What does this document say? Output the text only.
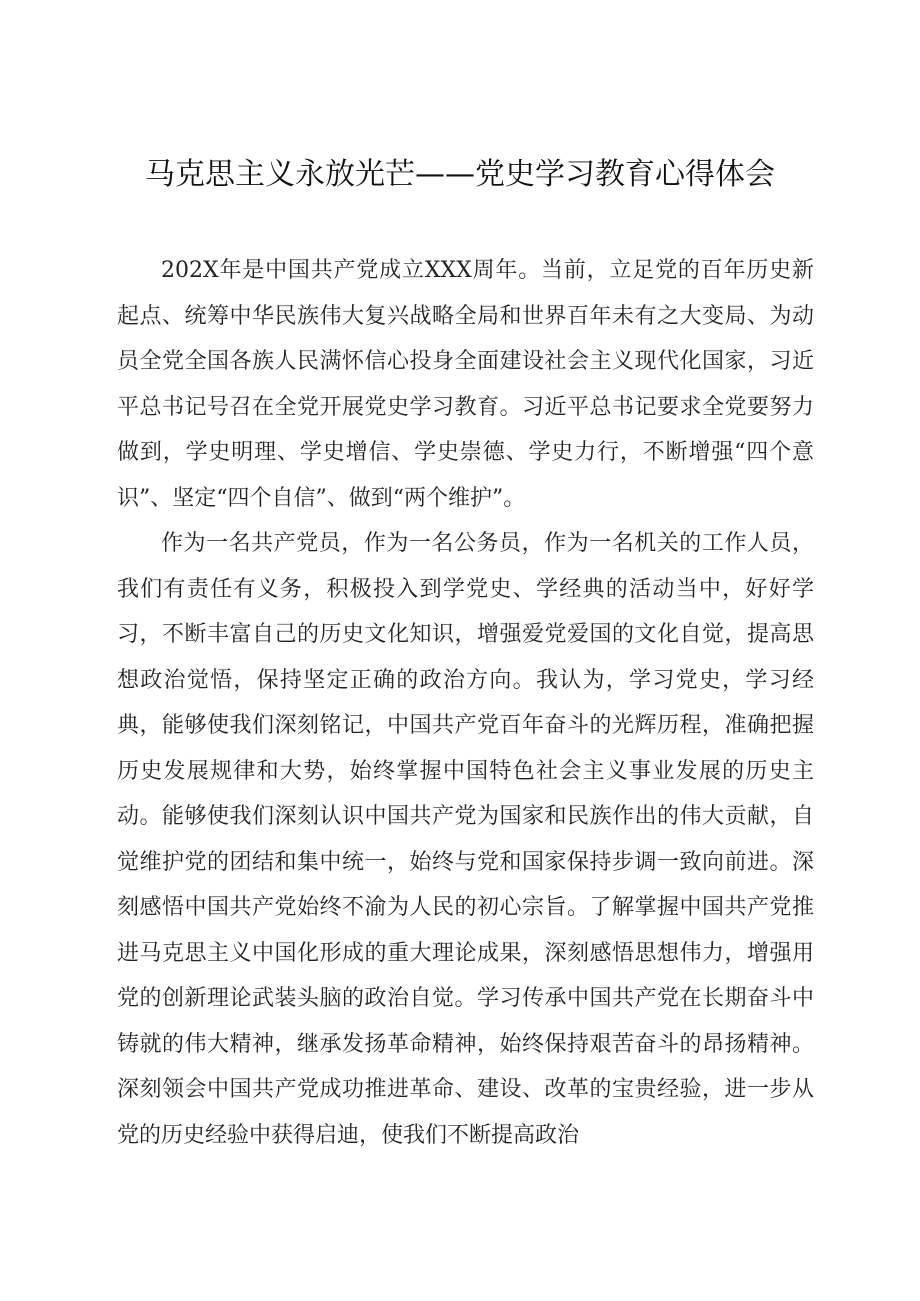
马克思主义永放光芒——党史学习教育心得体会

202X年是中国共产党成立XXX周年。当前，立足党的百年历史新起点、统筹中华民族伟大复兴战略全局和世界百年未有之大变局、为动员全党全国各族人民满怀信心投身全面建设社会主义现代化国家，习近平总书记号召在全党开展党史学习教育。习近平总书记要求全党要努力做到，学史明理、学史增信、学史崇德、学史力行，不断增强“四个意识”、坚定“四个自信”、做到“两个维护”。

作为一名共产党员，作为一名公务员，作为一名机关的工作人员，我们有责任有义务，积极投入到学党史、学经典的活动当中，好好学习，不断丰富自己的历史文化知识，增强爱党爱国的文化自觉，提高思想政治觉悟，保持坚定正确的政治方向。我认为，学习党史，学习经典，能够使我们深刻铭记，中国共产党百年奋斗的光辉历程，准确把握历史发展规律和大势，始终掌握中国特色社会主义事业发展的历史主动。能够使我们深刻认识中国共产党为国家和民族作出的伟大贡献，自觉维护党的团结和集中统一，始终与党和国家保持步调一致向前进。深刻感悟中国共产党始终不渝为人民的初心宗旨。了解掌握中国共产党推进马克思主义中国化形成的重大理论成果，深刻感悟思想伟力，增强用党的创新理论武装头脑的政治自觉。学习传承中国共产党在长期奋斗中铸就的伟大精神，继承发扬革命精神，始终保持艰苦奋斗的昂扬精神。深刻领会中国共产党成功推进革命、建设、改革的宝贵经验，进一步从党的历史经验中获得启迪，使我们不断提高政治
